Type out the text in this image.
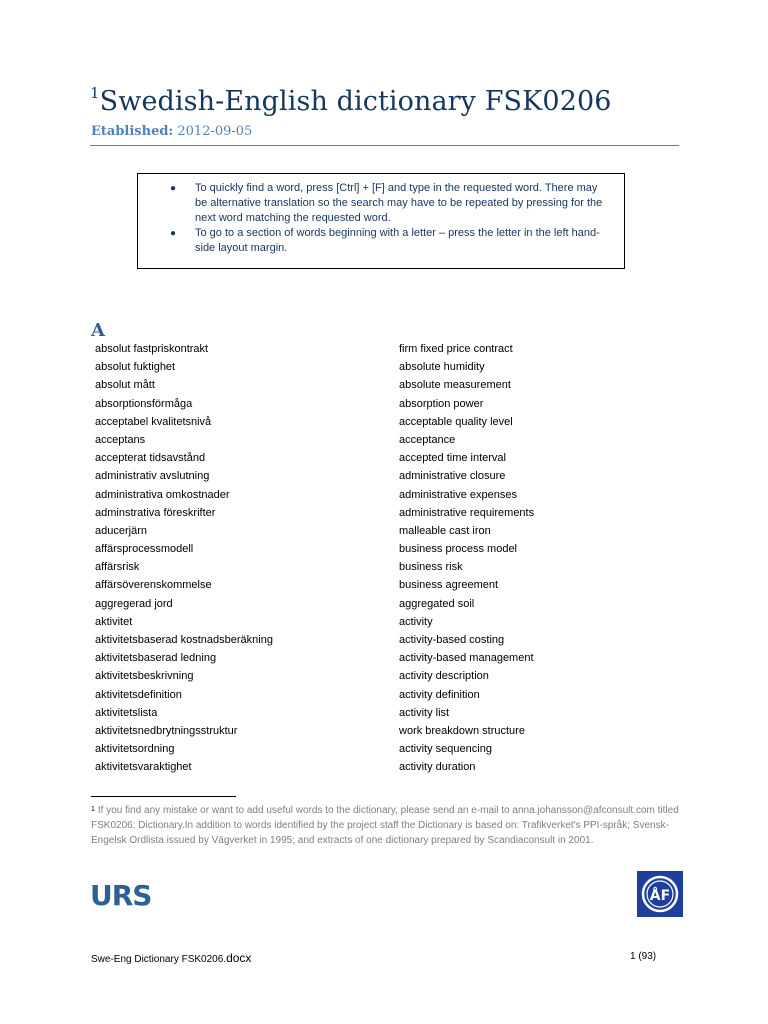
$^1$Swedish-English dictionary FSK0206
Etablished: 2012-09-05
● To quickly find a word, press [Ctrl] + [F] and type in the requested word. There may be alternative translation so the search may have to be repeated by pressing for the next word matching the requested word.
● To go to a section of words beginning with a letter – press the letter in the left hand-side layout margin.
A
absolut fastpriskontrakt	firm fixed price contract
absolut fuktighet	absolute humidity
absolut mått	absolute measurement
absorptionsförmåga	absorption power
acceptabel kvalitetsnivå	acceptable quality level
acceptans	acceptance
accepterat tidsavstånd	accepted time interval
administrativ avslutning	administrative closure
administrativa omkostnader	administrative expenses
adminstrativa föreskrifter	administrative requirements
aducerjärn	malleable cast iron
affärsprocessmodell	business process model
affärsrisk	business risk
affärsöverenskommelse	business agreement
aggregerad jord	aggregated soil
aktivitet	activity
aktivitetsbaserad kostnadsberäkning	activity-based costing
aktivitetsbaserad ledning	activity-based management
aktivitetsbeskrivning	activity description
aktivitetsdefinition	activity definition
aktivitetslista	activity list
aktivitetsnedbrytningsstruktur	work breakdown structure
aktivitetsordning	activity sequencing
aktivitetsvaraktighet	activity duration
$^1$ If you find any mistake or want to add useful words to the dictionary, please send an e-mail to anna.johansson@afconsult.com titled FSK0206: Dictionary.In addition to words identified by the project staff the Dictionary is based on: Trafikverket's PPI-språk; Svensk-Engelsk Ordlista issued by Vägverket in 1995; and extracts of one dictionary prepared by Scandiaconsult in 2001.
URS	ÅF
Swe-Eng Dictionary FSK0206.docx	1 (93)
